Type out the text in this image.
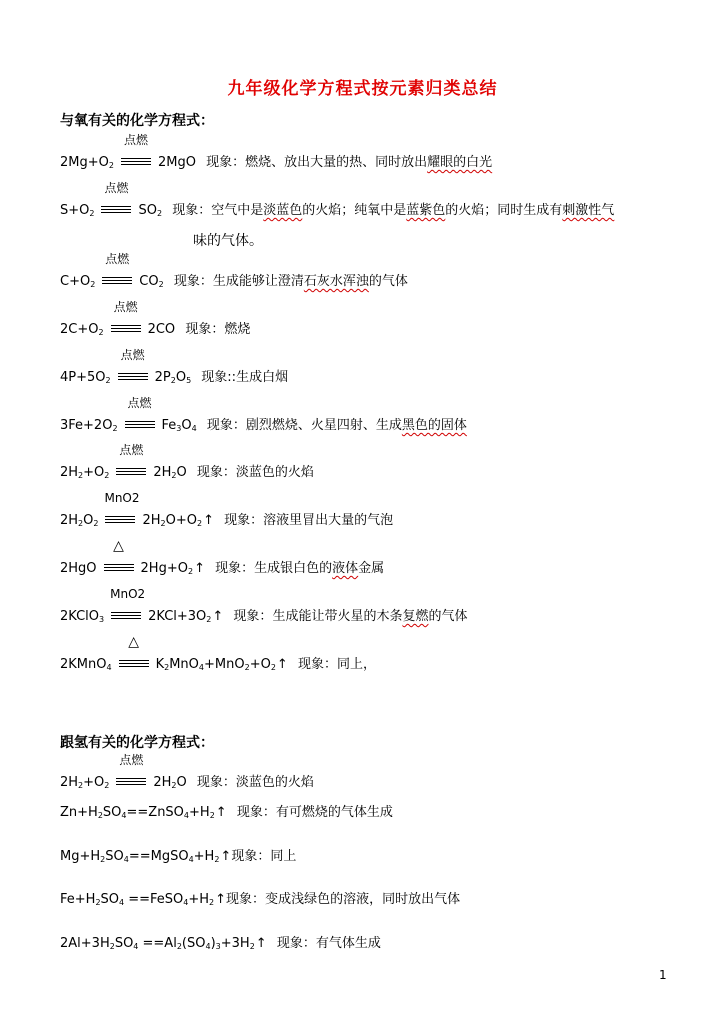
九年级化学方程式按元素归类总结
与氧有关的化学方程式：
$2Mg+O_2$
点燃
2MgO 现象：燃烧、放出大量的热、同时放出耀眼的白光
$S+O_2$
点燃
$SO_2$ 现象：空气中是淡蓝色的火焰；纯氧中是蓝紫色的火焰；同时生成有刺激性气
味的气体。
$C+O_2$
点燃
$CO_2$ 现象：生成能够让澄清石灰水浑浊的气体
$2C+O_2$
点燃
2CO 现象：燃烧
$4P+5O_2$
点燃
$2P_2O_5$ 现象::生成白烟
$3Fe+2O_2$
点燃
$Fe_3O_4$ 现象：剧烈燃烧、火星四射、生成黑色的固体
$2H_2+O_2$
点燃
$2H_2O$ 现象：淡蓝色的火焰
$2H_2O_2$
MnO2
$2H_2O+O_2↑$ 现象：溶液里冒出大量的气泡
2HgO
△
$2Hg+O_2↑$ 现象：生成银白色的液体金属
2KClO$_3$
MnO2
$2KCl+3O_2↑$ 现象：生成能让带火星的木条复燃的气体
2KMnO$_4$
△
$K_2MnO_4+MnO_2+O_2↑$ 现象：同上，
跟氢有关的化学方程式：
$2H_2+O_2$
点燃
$2H_2O$ 现象：淡蓝色的火焰
$Zn+H_2SO_4==ZnSO_4+H_2↑$ 现象：有可燃烧的气体生成
$Mg+H_2SO_4==MgSO_4+H_2↑$现象：同上
$Fe+H_2SO_4$ $==FeSO_4+H_2↑$现象：变成浅绿色的溶液，同时放出气体
$2Al+3H_2SO_4$ $==Al_2(SO_4)_3+3H_2↑$ 现象：有气体生成
1
